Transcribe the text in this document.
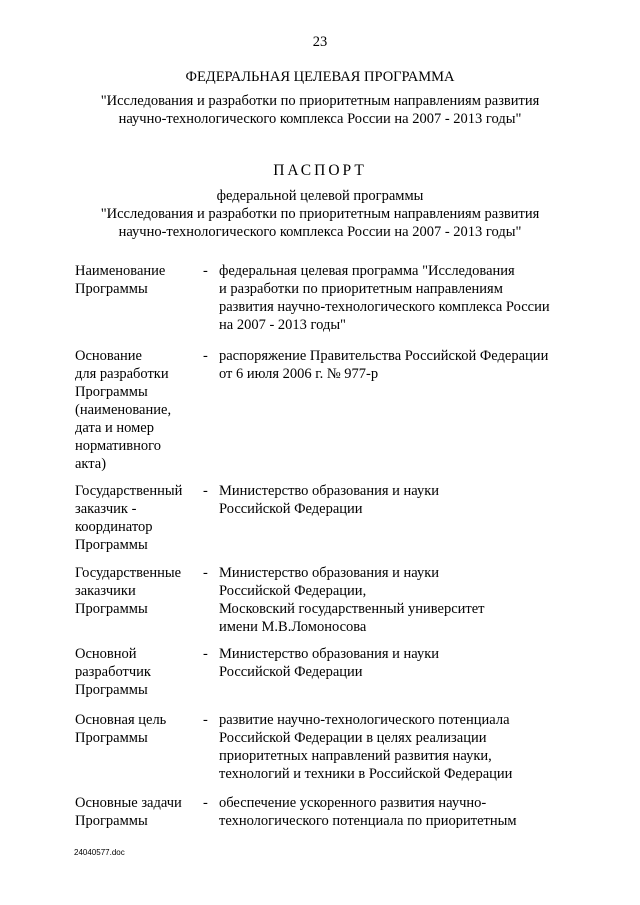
23
ФЕДЕРАЛЬНАЯ ЦЕЛЕВАЯ ПРОГРАММА
"Исследования и разработки по приоритетным направлениям развития
научно-технологического комплекса России на 2007 - 2013 годы"
ПАСПОРТ
федеральной целевой программы
"Исследования и разработки по приоритетным направлениям развития
научно-технологического комплекса России на 2007 - 2013 годы"
Наименование
Программы
- федеральная целевая программа "Исследования
и разработки по приоритетным направлениям
развития научно-технологического комплекса России
на 2007 - 2013 годы"
Основание
для разработки
Программы
(наименование,
дата и номер
нормативного
акта)
- распоряжение Правительства Российской Федерации
от 6 июля 2006 г. № 977-р
Государственный
заказчик -
координатор
Программы
- Министерство образования и науки
Российской Федерации
Государственные
заказчики
Программы
- Министерство образования и науки
Российской Федерации,
Московский государственный университет
имени М.В.Ломоносова
Основной
разработчик
Программы
- Министерство образования и науки
Российской Федерации
Основная цель
Программы
- развитие научно-технологического потенциала
Российской Федерации в целях реализации
приоритетных направлений развития науки,
технологий и техники в Российской Федерации
Основные задачи
Программы
- обеспечение ускоренного развития научно-
технологического потенциала по приоритетным
24040577.doc
